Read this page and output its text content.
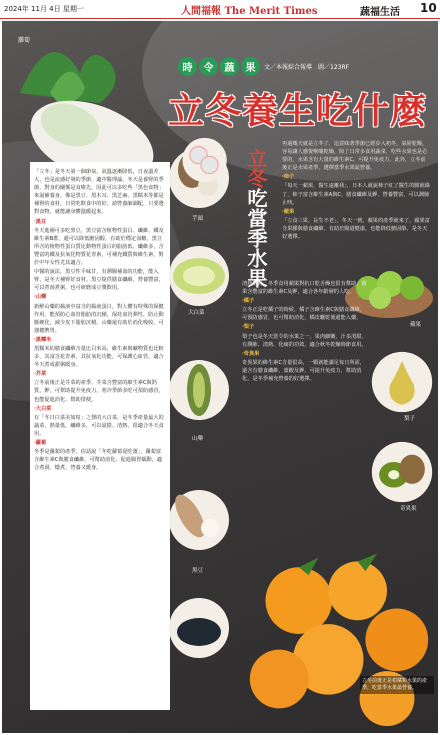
2024年 11月 4日 星期一	人間福報 The Merit Times	蔬福生活 10
蘿蔔
時	令	蔬	果	文／本報綜合報導　圖／123RF
立冬養生吃什麼

「立冬」是冬天第一個節氣，氣溫逐漸降低，日夜溫差大，也是流感好發的季節，適中醫理論，冬天是養腎的季節，對身的關係是食療先，因此可以多吃些「黑色食物」來滋補養身，像是黑豆、黑木耳、黑芝麻、黑糯米等都是補腎的食材，日常吃飲食中的好，請營養師調配，只要選對食物，就能讓身體溫暖起來。

‧黑豆

冬天進補可多吃黑豆，黑豆富含植物性蛋白、纖維、鐵及維生素B群，還可以降低膽固醇，有助於穩定血糖。黑豆所含的植物性蛋白質比動物性蛋白的脂肪低、纖維多，含豐富的鐵及抗氧化物質花青素，可補充鐵質與維生素，對於中年女性尤其適合。

中醫的說法，黑豆性平味甘，有潤腸補血的功能，能入腎，是冬天補腎好食材。黑豆提供膳食纖維，營養豐富，可以煮湯煮粥，也可研磨成豆漿飲用。

‧山藥

新鮮山藥的黏液中富含的黏液蛋白，對人體有特殊的保健作用，能預防心血管脂肪的沉積，保持血管彈性，防止動脈硬化，減少皮下脂肪沉積。山藥還有助於消化吸收，可強健脾胃。

‧黑糯米

黑糯米的膳食纖維含量比白米高，維生素與礦物質也比較多，其富含花青素，具抗氧化功能，可保護心血管，適合冬天煮成甜粥暖身。

‧芥菜

立冬前後正是芥菜的產季，芥菜含豐富的維生素C與鈣質、鉀，可幫助提升免疫力，寒冷季節多吃可預防感冒，也能促進消化、幫助排便。

‧大白菜

有「冬日白菜美如筍」之譽的大白菜，是冬季產量最大的蔬菜，熱量低、纖維多，可以滋陰、清熱，很適合冬天食用。

‧蘿蔔

冬季是蘿蔔的產季，俗話說「冬吃蘿蔔夏吃薑」，蘿蔔富含維生素C與膳食纖維，可幫助消化、促進腸胃蠕動，適合煮湯、燉煮，營養又暖身。

芋頭
大白菜
山藥
黑豆
立冬吃當季水果

再過幾天就是立冬了，這意味著季節已經步入初冬，氣候乾燥，容易讓人感覺喉嚨乾燥，除了日常多食用蔬菜，吃些水果也是必要的，水果含有大量的維生素C，可提升免疫力，此外，立冬前後正是水果產季，選擇當季水果最營養。

‧柿子

「每天一蘋果，醫生遠離我」，日本人就說柿子紅了醫生的臉就綠了，柿子富含維生素A與C、膳食纖維及鉀，營養豐富，可以潤肺止咳。

‧蘋果

「立食三果，長生不老」，冬天一到，蘋果的產季就來了，蘋果富含果膠與膳食纖維，有助於腸道健康，也能降低膽固醇，是冬天好選擇。

蘋果

清熱解渴，冬季食用蘋果對抗口乾舌燥也很有幫助，蘋果含豐富的維生素C及鉀，適合各年齡層的人吃。

‧橘子

立冬正是吃橘子的時候，橘子含維生素C與膳食纖維，可預防感冒，也可幫助消化，橘皮曬乾後還能入藥。

‧梨子

梨子也是冬天當令的水果之一，果肉細嫩，汁多清甜，有潤肺、清熱、化痰的功效，適合秋冬乾燥時節食用。

‧奇異果

奇異果的維生素C含量很高，一顆就能滿足每日所需，還含有膳食纖維、葉酸及鉀，可提升免疫力，幫助消化，是冬季補充營養的好選擇。

梨子
奇異果
立冬前後正是柑橘類水果的產季，吃當季水果最營養。
